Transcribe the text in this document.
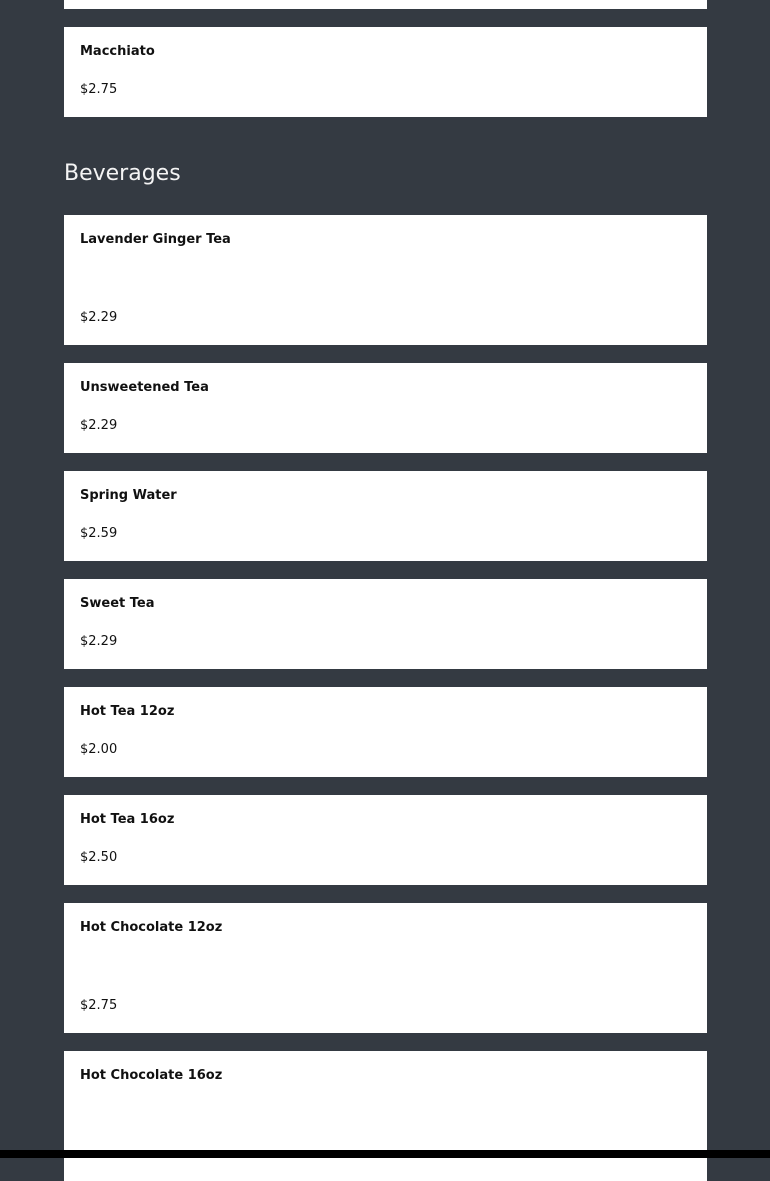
Macchiato
$2.75
Beverages
Lavender Ginger Tea
$2.29
Unsweetened Tea
$2.29
Spring Water
$2.59
Sweet Tea
$2.29
Hot Tea 12oz
$2.00
Hot Tea 16oz
$2.50
Hot Chocolate 12oz
$2.75
Hot Chocolate 16oz
